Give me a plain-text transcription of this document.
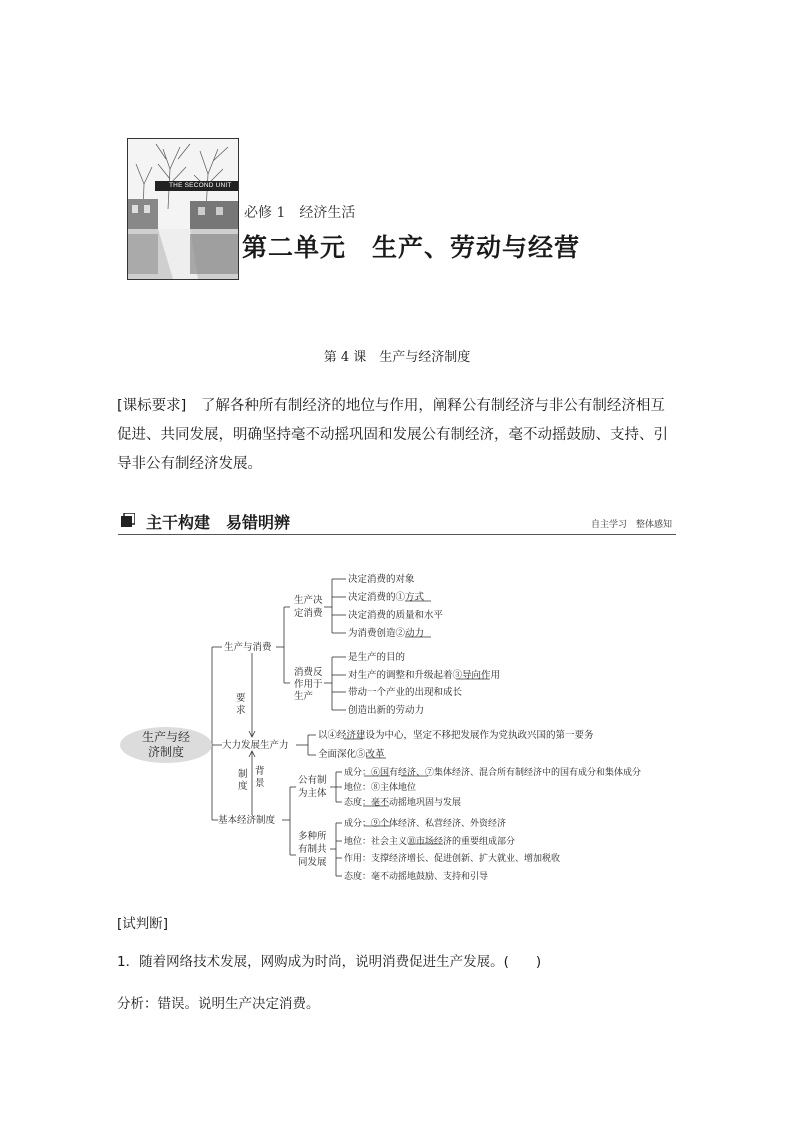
THE SECOND UNIT
必修 1　经济生活
第二单元　生产、劳动与经营
第 4 课　生产与经济制度
[课标要求]　了解各种所有制经济的地位与作用，阐释公有制经济与非公有制经济相互促进、共同发展，明确坚持毫不动摇巩固和发展公有制经济，毫不动摇鼓励、支持、引导非公有制经济发展。
主干构建　易错明辨	自主学习　整体感知
生产与经
济制度
生产与消费
生产决
定消费
决定消费的对象
决定消费的①方式
决定消费的质量和水平
为消费创造②动力
消费反
作用于
生产
是生产的目的
对生产的调整和升级起着③导向作用
带动一个产业的出现和成长
创造出新的劳动力
要
求
大力发展生产力
以④经济建设为中心，坚定不移把发展作为党执政兴国的第一要务
全面深化⑤改革
制
度
背
景
基本经济制度
公有制
为主体
成分：⑥国有经济、⑦集体经济、混合所有制经济中的国有成分和集体成分
地位：⑧主体地位
态度：毫不动摇地巩固与发展
多种所
有制共
同发展
成分：⑨个体经济、私营经济、外资经济
地位：社会主义⑩市场经济的重要组成部分
作用：支撑经济增长、促进创新、扩大就业、增加税收
态度：毫不动摇地鼓励、支持和引导
[试判断]
1．随着网络技术发展，网购成为时尚，说明消费促进生产发展。(　　)
分析：错误。说明生产决定消费。
